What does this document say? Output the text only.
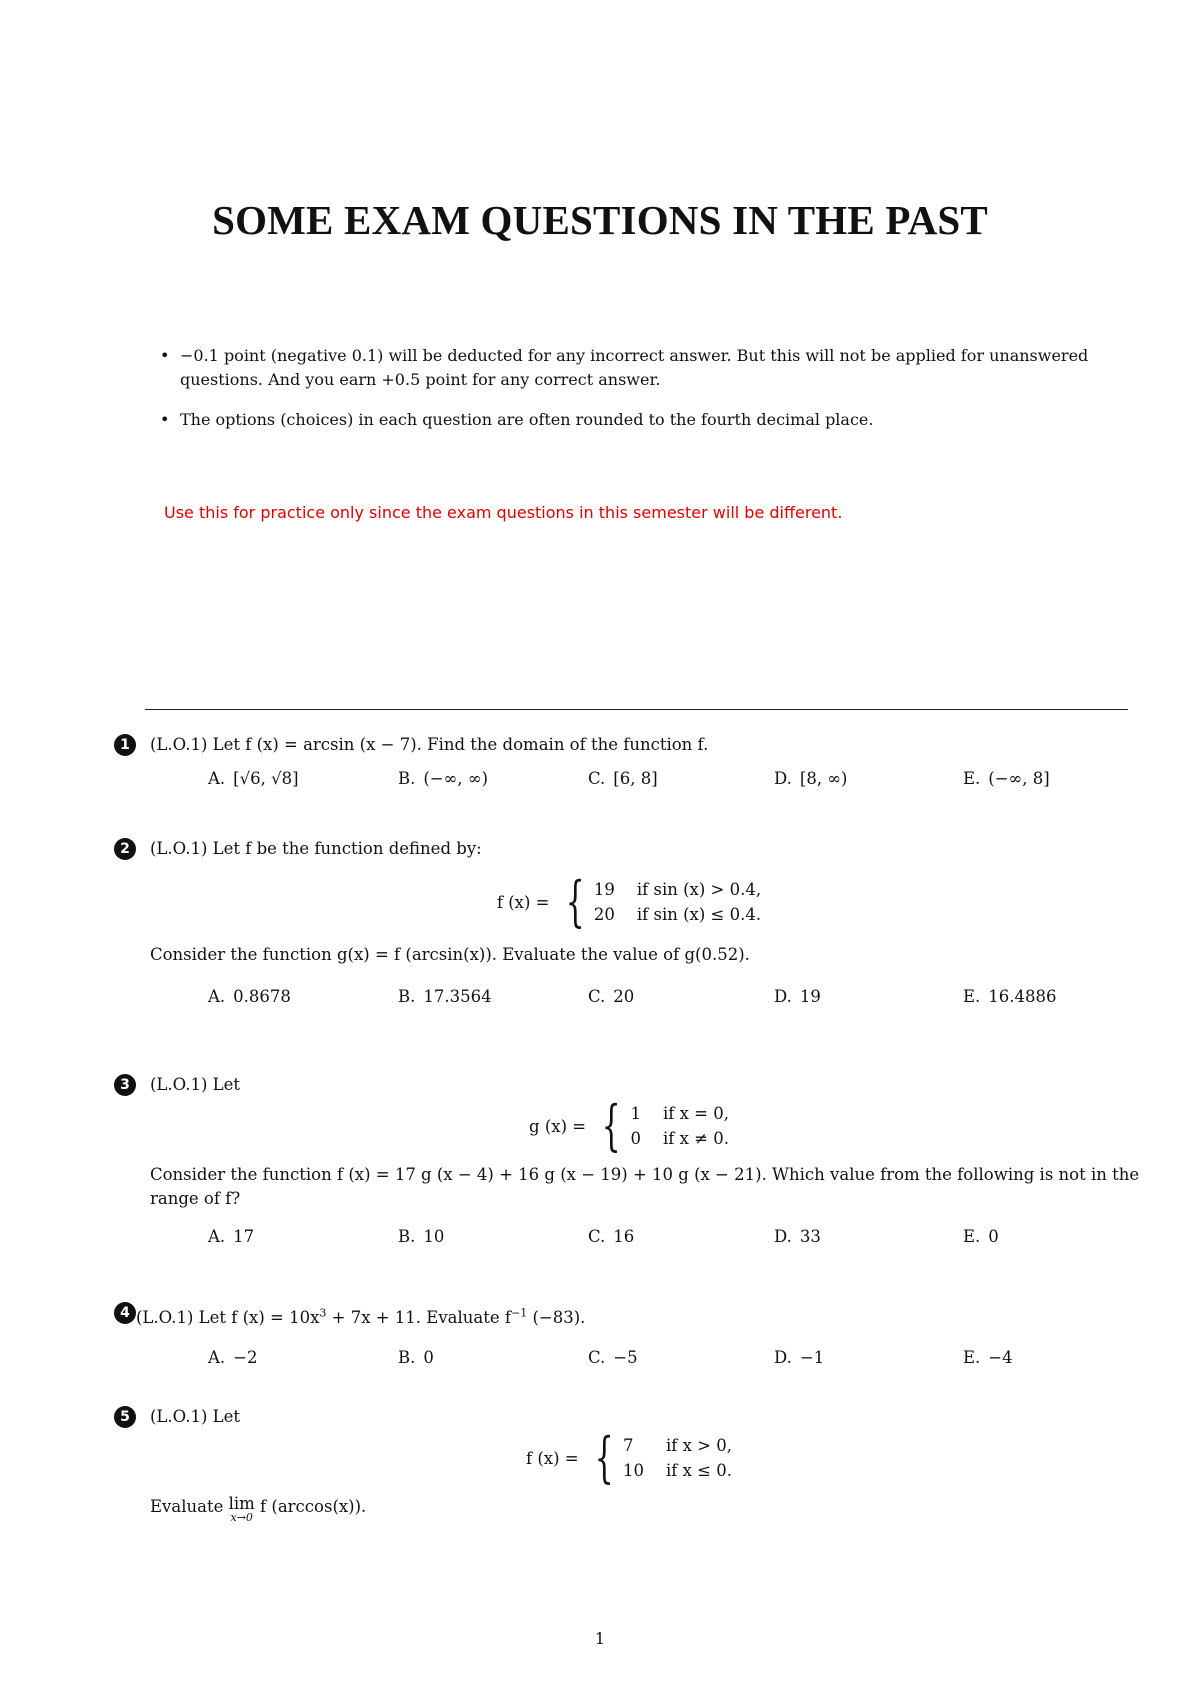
SOME EXAM QUESTIONS IN THE PAST
• −0.1 point (negative 0.1) will be deducted for any incorrect answer. But this will not be applied for unanswered questions. And you earn +0.5 point for any correct answer.
• The options (choices) in each question are often rounded to the fourth decimal place.
Use this for practice only since the exam questions in this semester will be different.
1	(L.O.1) Let f (x) = arcsin (x − 7). Find the domain of the function f.
A. [√6, √8]	B. (−∞, ∞)	C. [6, 8]	D. [8, ∞)	E. (−∞, 8]
2	(L.O.1) Let f be the function defined by:
f (x) = { 19 if sin (x) > 0.4,
20 if sin (x) ≤ 0.4.
Consider the function g(x) = f (arcsin(x)). Evaluate the value of g(0.52).
A. 0.8678	B. 17.3564	C. 20	D. 19	E. 16.4886
3	(L.O.1) Let
g (x) = { 1 if x = 0,
0 if x ≠ 0.
Consider the function f (x) = 17 g (x − 4) + 16 g (x − 19) + 10 g (x − 21). Which value from the following is not in the range of f?
A. 17	B. 10	C. 16	D. 33	E. 0
4 (L.O.1) Let f $(x) = 10x^3 + 7x + 11$. Evaluate $f^{-1}$ (−83).
A. −2	B. 0	C. −5	D. −1	E. −4
5	(L.O.1) Let
f (x) = { 7	if x > 0,
10 if x ≤ 0.
Evaluate lim
x→0
f (arccos(x)).
1
